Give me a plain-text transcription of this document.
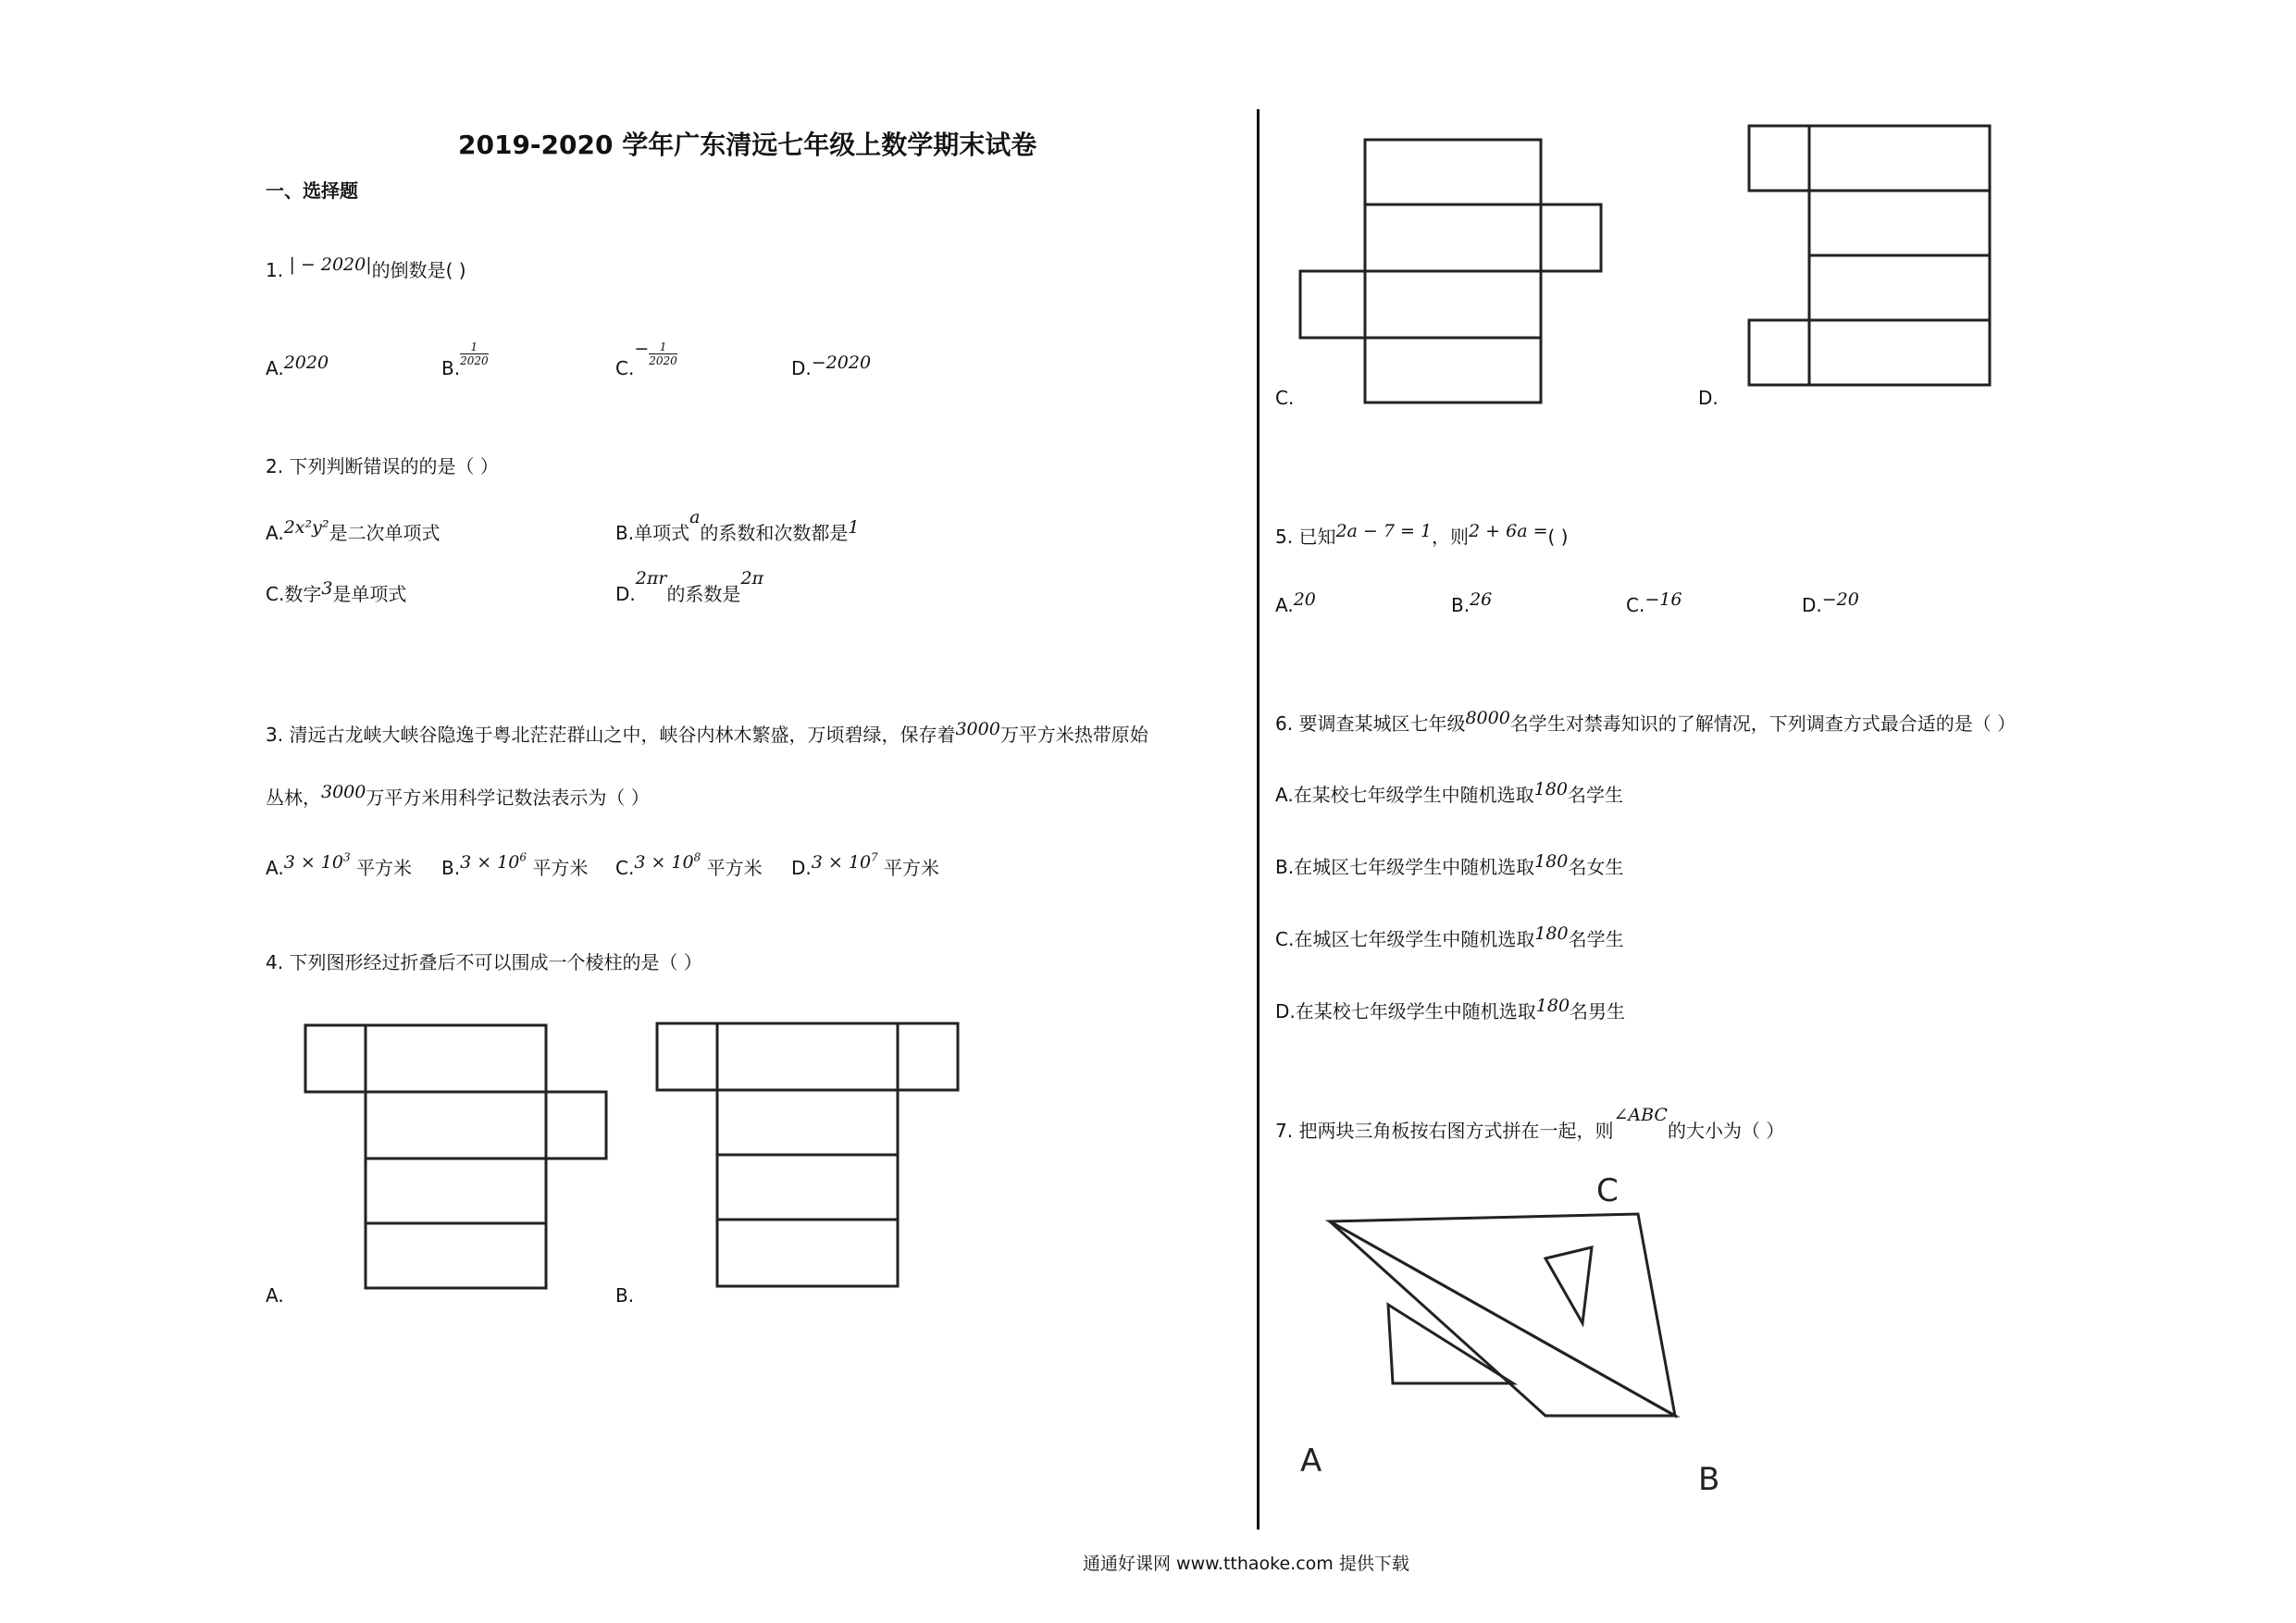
2019-2020 学年广东清远七年级上数学期末试卷
一、选择题
1. | − 2020|的倒数是( )
A.2020	B.
$\frac{1}{2020}$
$C.- \frac{1}{2020}$
D.−2020
2. 下列判断错误的的是（ ）
A.2x²y²是二次单项式	B.单项式a的系数和次数都是1
C.数字3是单项式	D.2πr的系数是2π
3. 清远古龙峡大峡谷隐逸于粤北茫茫群山之中，峡谷内林木繁盛，万顷碧绿，保存着3000万平方米热带原始
丛林，3000万平方米用科学记数法表示为（ ）
$A.3 \times 10^3$ 平方米 $B.3 \times 10^6$ 平方米 $C.3 \times 10^8$ 平方米 $D.3 \times 10^7$ 平方米
4. 下列图形经过折叠后不可以围成一个棱柱的是（ ）
A.	B.
C.	D.
5. 已知2a − 7 = 1，则2 + 6a =( )
A.20	B.26	C.−16	D.−20
6. 要调查某城区七年级8000名学生对禁毒知识的了解情况，下列调查方式最合适的是（ ）
A.在某校七年级学生中随机选取180名学生
B.在城区七年级学生中随机选取180名女生
C.在城区七年级学生中随机选取180名学生
D.在某校七年级学生中随机选取180名男生
7. 把两块三角板按右图方式拼在一起，则∠ABC的大小为（ ）
A	B
C
通通好课网 www.tthaoke.com 提供下载
